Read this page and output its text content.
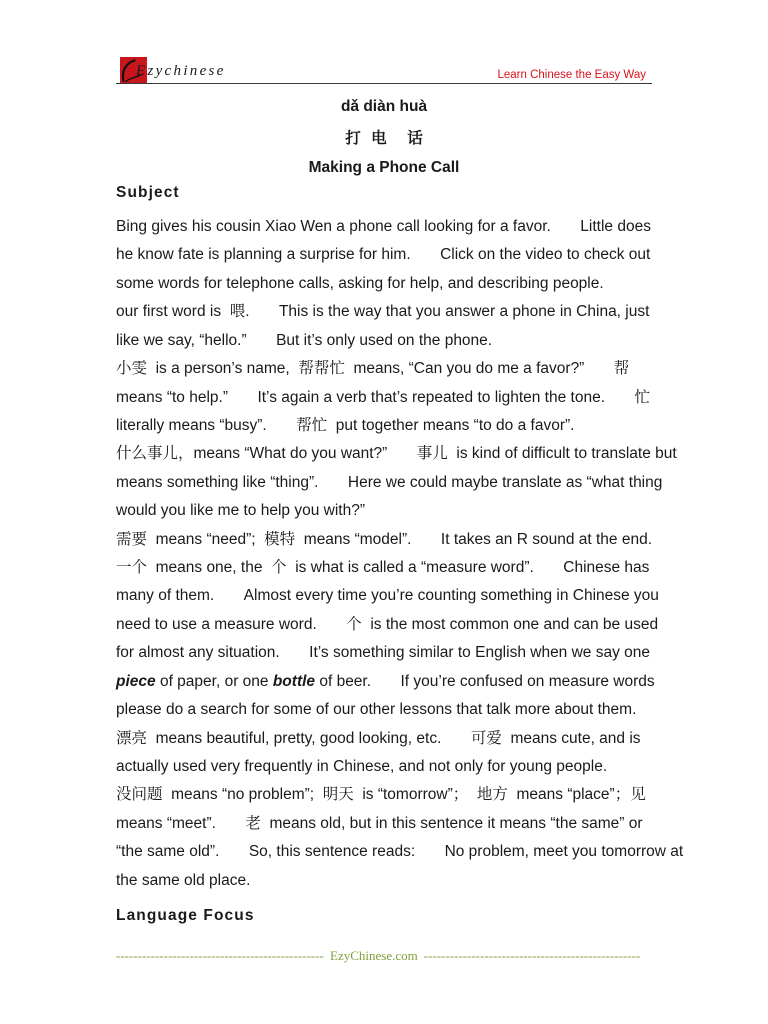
Ezychinese	Learn Chinese the Easy Way
dǎ diàn huà
打 电  话
Making a Phone Call
Subject
Bing gives his cousin Xiao Wen a phone call looking for a favor. Little does
he know fate is planning a surprise for him. Click on the video to check out
some words for telephone calls, asking for help, and describing people.
our first word is  喂. This is the way that you answer a phone in China, just
like we say, “hello.” But it’s only used on the phone.
小雯  is a person’s name,  帮帮忙  means, “Can you do me a favor?” 帮
means “to help.” It’s again a verb that’s repeated to lighten the tone. 忙
literally means “busy”. 帮忙  put together means “to do a favor”.
什么事儿，means “What do you want?” 事儿  is kind of difficult to translate but
means something like “thing”. Here we could maybe translate as “what thing
would you like me to help you with?”
需要  means “need”;  模特  means “model”. It takes an R sound at the end.
一个  means one, the  个  is what is called a “measure word”. Chinese has
many of them. Almost every time you’re counting something in Chinese you
need to use a measure word. 个  is the most common one and can be used
for almost any situation. It’s something similar to English when we say one
piece of paper, or one bottle of beer. If you’re confused on measure words
please do a search for some of our other lessons that talk more about them.
漂亮  means beautiful, pretty, good looking, etc. 可爱  means cute, and is
actually used very frequently in Chinese, and not only for young people.
没问题  means “no problem”;  明天  is “tomorrow”；  地方  means “place”；见
means “meet”. 老  means old, but in this sentence it means “the same” or
“the same old”. So, this sentence reads: No problem, meet you tomorrow at
the same old place.
Language Focus
------------------------------------------------ EzyChinese.com --------------------------------------------------
